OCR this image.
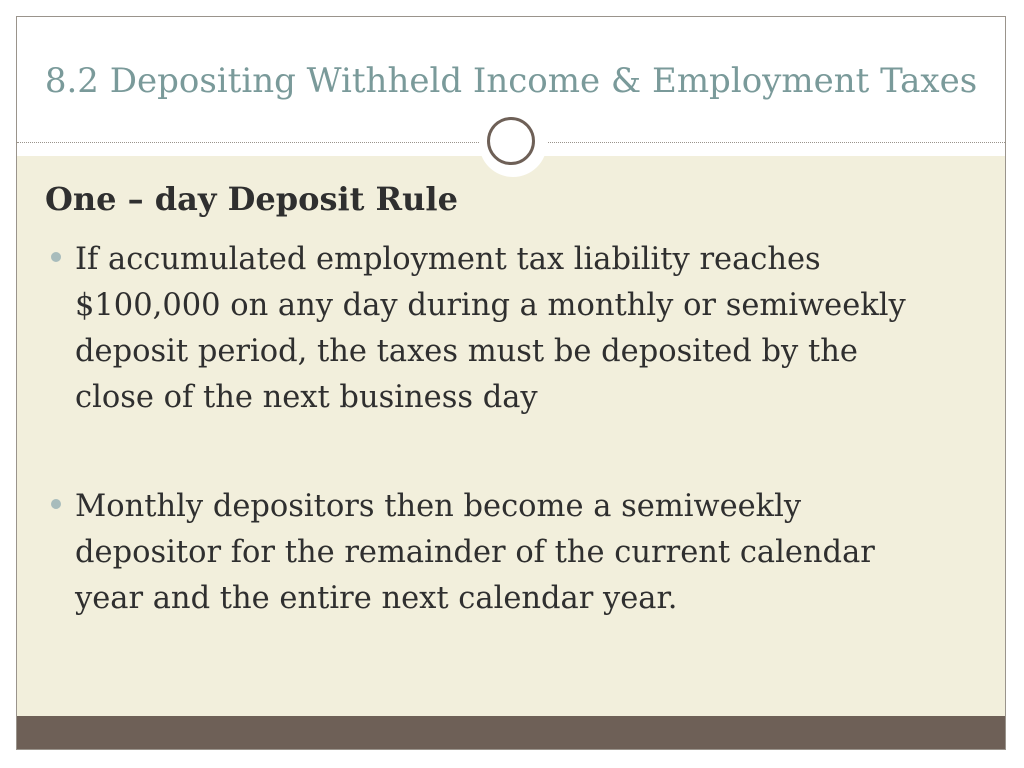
8.2 Depositing Withheld Income & Employment Taxes
One – day Deposit Rule
If accumulated employment tax liability reaches $100,000 on any day during a monthly or semiweekly deposit period, the taxes must be deposited by the close of the next business day
Monthly depositors then become a semiweekly depositor for the remainder of the current calendar year and the entire next calendar year.
